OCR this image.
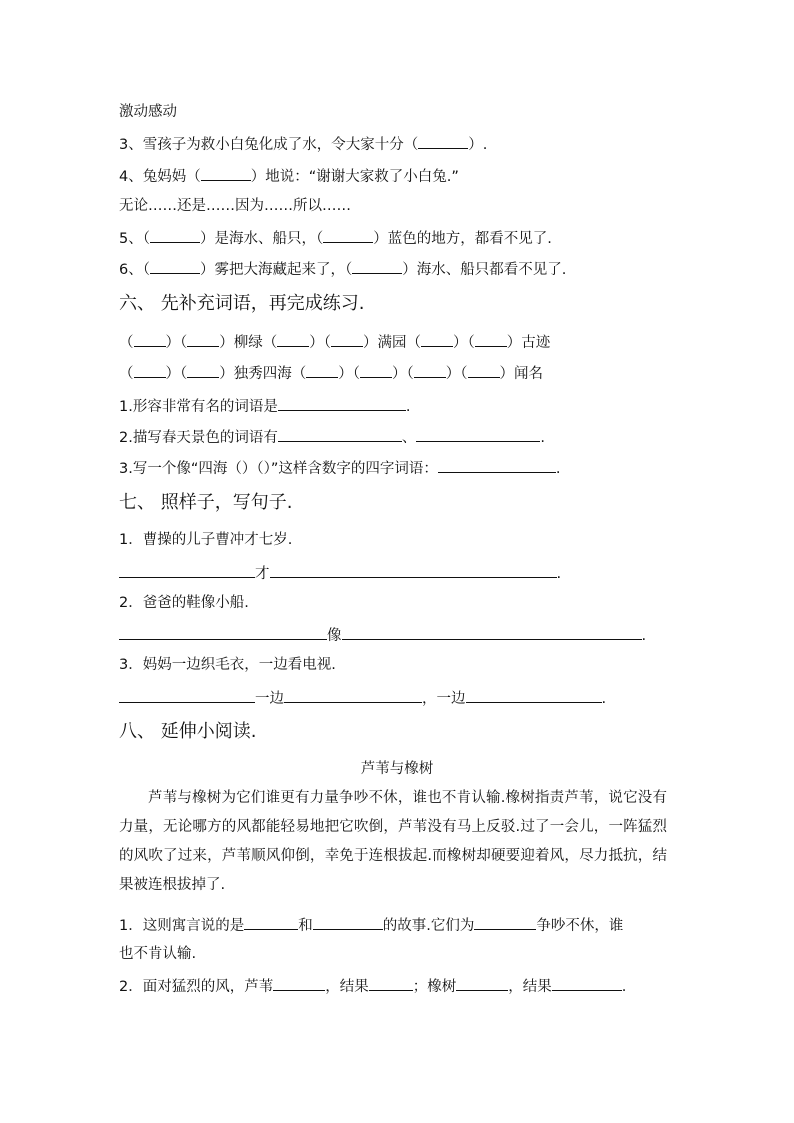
激动感动
3、雪孩子为救小白兔化成了水，令大家十分（	）.
4、兔妈妈（	）地说：“谢谢大家救了小白兔.”
无论……还是……因为……所以……
5、（	）是海水、船只，（	）蓝色的地方，都看不见了.
6、（	）雾把大海藏起来了，（	）海水、船只都看不见了.
六、 先补充词语，再完成练习.
（ ）（ ）柳绿（ ）（ ）满园（ ）（ ）古迹
（ ）（ ）独秀四海（ ）（ ）（ ）（ ）闻名
1.形容非常有名的词语是	.
2.描写春天景色的词语有	、	.
3.写一个像“四海（）（）”这样含数字的四字词语：	.
七、 照样子，写句子.
1．曹操的儿子曹冲才七岁.
才	.
2．爸爸的鞋像小船.
像	.
3．妈妈一边织毛衣，一边看电视.
一边	，一边	.
八、 延伸小阅读.
芦苇与橡树
芦苇与橡树为它们谁更有力量争吵不休，谁也不肯认输.橡树指责芦苇，说它没有力量，无论哪方的风都能轻易地把它吹倒，芦苇没有马上反驳.过了一会儿，一阵猛烈的风吹了过来，芦苇顺风仰倒，幸免于连根拔起.而橡树却硬要迎着风，尽力抵抗，结果被连根拔掉了.
1．这则寓言说的是	和	的故事.它们为	争吵不休，谁
也不肯认输.
2．面对猛烈的风，芦苇	，结果	；橡树	，结果	.
